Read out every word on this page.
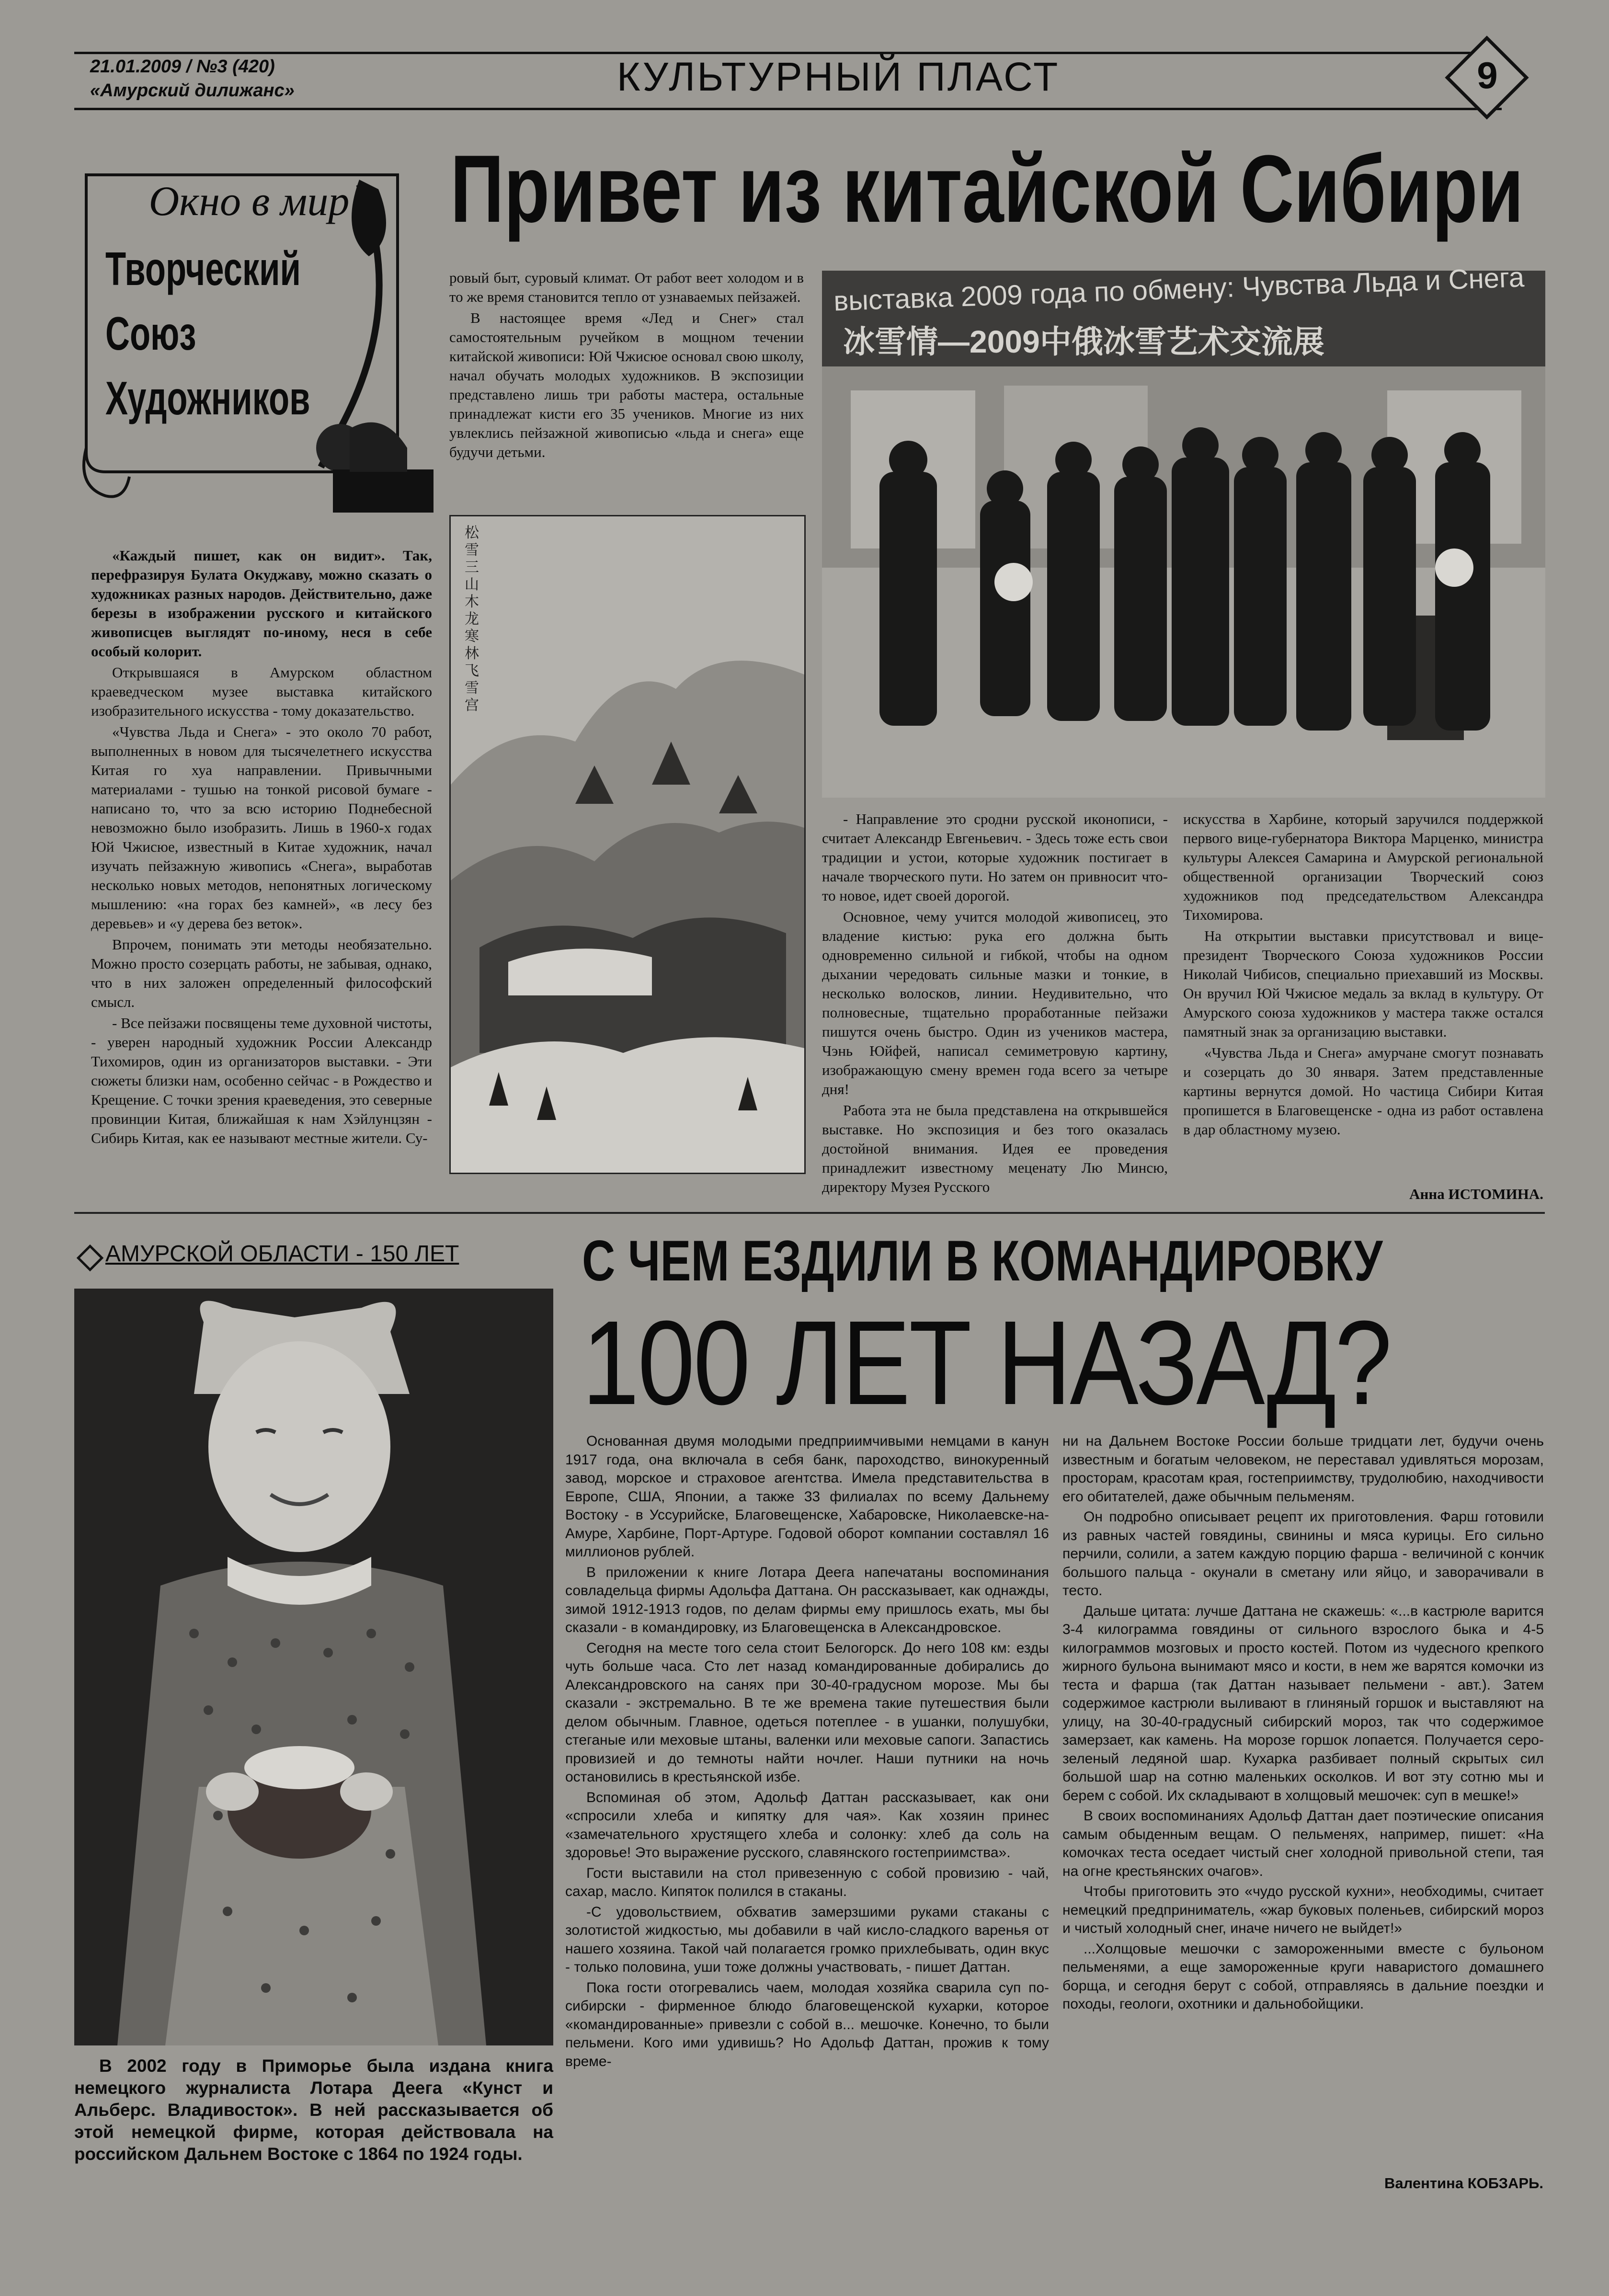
21.01.2009 / №3 (420)
«Амурский дилижанс»	КУЛЬТУРНЫЙ ПЛАСТ	9
Окно в мир
Творческий
Союз
Художников
Привет из китайской Сибири

«Каждый пишет, как он видит». Так, перефразируя Булата Окуджаву, можно сказать о художниках разных народов. Действительно, даже березы в изображении русского и китайского живописцев выглядят по-иному, неся в себе особый колорит.

Открывшаяся в Амурском областном краеведческом музее выставка китайского изобразительного искусства - тому доказательство.

«Чувства Льда и Снега» - это около 70 работ, выполненных в новом для тысячелетнего искусства Китая го хуа направлении. Привычными материалами - тушью на тонкой рисовой бумаге - написано то, что за всю историю Поднебесной невозможно было изобразить. Лишь в 1960-х годах Юй Чжисюе, известный в Китае художник, начал изучать пейзажную живопись «Снега», выработав несколько новых методов, непонятных логическому мышлению: «на горах без камней», «в лесу без деревьев» и «у дерева без веток».

Впрочем, понимать эти методы необязательно. Можно просто созерцать работы, не забывая, однако, что в них заложен определенный философский смысл.

- Все пейзажи посвящены теме духовной чистоты, - уверен народный художник России Александр Тихомиров, один из организаторов выставки. - Эти сюжеты близки нам, особенно сейчас - в Рождество и Крещение. С точки зрения краеведения, это северные провинции Китая, ближайшая к нам Хэйлунцзян - Сибирь Китая, как ее называют местные жители. Су-

ровый быт, суровый климат. От работ веет холодом и в то же время становится тепло от узнаваемых пейзажей.

В настоящее время «Лед и Снег» стал самостоятельным ручейком в мощном течении китайской живописи: Юй Чжисюе основал свою школу, начал обучать молодых художников. В экспозиции представлено лишь три работы мастера, остальные принадлежат кисти его 35 учеников. Многие из них увлеклись пейзажной живописью «льда и снега» еще будучи детьми.

松雪三山木龙 寒林 飞雪 宫
выставка 2009 года по обмену: Чувства Льда и Снега
冰雪情—2009中俄冰雪艺术交流展

- Направление это сродни русской иконописи, - считает Александр Евгеньевич. - Здесь тоже есть свои традиции и устои, которые художник постигает в начале творческого пути. Но затем он привносит что-то новое, идет своей дорогой.

Основное, чему учится молодой живописец, это владение кистью: рука его должна быть одновременно сильной и гибкой, чтобы на одном дыхании чередовать сильные мазки и тонкие, в несколько волосков, линии. Неудивительно, что полновесные, тщательно проработанные пейзажи пишутся очень быстро. Один из учеников мастера, Чэнь Юйфей, написал семиметровую картину, изображающую смену времен года всего за четыре дня!

Работа эта не была представлена на открывшейся выставке. Но экспозиция и без того оказалась достойной внимания. Идея ее проведения принадлежит известному меценату Лю Минсю, директору Музея Русского

искусства в Харбине, который заручился поддержкой первого вице-губернатора Виктора Марценко, министра культуры Алексея Самарина и Амурской региональной общественной организации Творческий союз художников под председательством Александра Тихомирова.

На открытии выставки присутствовал и вице-президент Творческого Союза художников России Николай Чибисов, специально приехавший из Москвы. Он вручил Юй Чжисюе медаль за вклад в культуру. От Амурского союза художников у мастера также остался памятный знак за организацию выставки.

«Чувства Льда и Снега» амурчане смогут познавать и созерцать до 30 января. Затем представленные картины вернутся домой. Но частица Сибири Китая пропишется в Благовещенске - одна из работ оставлена в дар областному музею.

Анна ИСТОМИНА.
АМУРСКОЙ ОБЛАСТИ - 150 ЛЕТ С ЧЕМ ЕЗДИЛИ В КОМАНДИРОВКУ
100 ЛЕТ НАЗАД?
В 2002 году в Приморье была издана книга немецкого журналиста Лотара Деега «Кунст и Альберс. Владивосток». В ней рассказывается об этой немецкой фирме, которая действовала на российском Дальнем Востоке с 1864 по 1924 годы.

Основанная двумя молодыми предприимчивыми немцами в канун 1917 года, она включала в себя банк, пароходство, винокуренный завод, морское и страховое агентства. Имела представительства в Европе, США, Японии, а также 33 филиалах по всему Дальнему Востоку - в Уссурийске, Благовещенске, Хабаровске, Николаевске-на-Амуре, Харбине, Порт-Артуре. Годовой оборот компании составлял 16 миллионов рублей.

В приложении к книге Лотара Деега напечатаны воспоминания совладельца фирмы Адольфа Даттана. Он рассказывает, как однажды, зимой 1912-1913 годов, по делам фирмы ему пришлось ехать, мы бы сказали - в командировку, из Благовещенска в Александровское.

Сегодня на месте того села стоит Белогорск. До него 108 км: езды чуть больше часа. Сто лет назад командированные добирались до Александровского на санях при 30-40-градусном морозе. Мы бы сказали - экстремально. В те же времена такие путешествия были делом обычным. Главное, одеться потеплее - в ушанки, полушубки, стеганые или меховые штаны, валенки или меховые сапоги. Запастись провизией и до темноты найти ночлег. Наши путники на ночь остановились в крестьянской избе.

Вспоминая об этом, Адольф Даттан рассказывает, как они «спросили хлеба и кипятку для чая». Как хозяин принес «замечательного хрустящего хлеба и солонку: хлеб да соль на здоровье! Это выражение русского, славянского гостеприимства».

Гости выставили на стол привезенную с собой провизию - чай, сахар, масло. Кипяток полился в стаканы.

-С удовольствием, обхватив замерзшими руками стаканы с золотистой жидкостью, мы добавили в чай кисло-сладкого варенья от нашего хозяина. Такой чай полагается громко прихлебывать, один вкус - только половина, уши тоже должны участвовать, - пишет Даттан.

Пока гости отогревались чаем, молодая хозяйка сварила суп по-сибирски - фирменное блюдо благовещенской кухарки, которое «командированные» привезли с собой в... мешочке. Конечно, то были пельмени. Кого ими удивишь? Но Адольф Даттан, прожив к тому време-

ни на Дальнем Востоке России больше тридцати лет, будучи очень известным и богатым человеком, не переставал удивляться морозам, просторам, красотам края, гостеприимству, трудолюбию, находчивости его обитателей, даже обычным пельменям.

Он подробно описывает рецепт их приготовления. Фарш готовили из равных частей говядины, свинины и мяса курицы. Его сильно перчили, солили, а затем каждую порцию фарша - величиной с кончик большого пальца - окунали в сметану или яйцо, и заворачивали в тесто.

Дальше цитата: лучше Даттана не скажешь: «...в кастрюле варится 3-4 килограмма говядины от сильного взрослого быка и 4-5 килограммов мозговых и просто костей. Потом из чудесного крепкого жирного бульона вынимают мясо и кости, в нем же варятся комочки из теста и фарша (так Даттан называет пельмени - авт.). Затем содержимое кастрюли выливают в глиняный горшок и выставляют на улицу, на 30-40-градусный сибирский мороз, так что содержимое замерзает, как камень. На морозе горшок лопается. Получается серо-зеленый ледяной шар. Кухарка разбивает полный скрытых сил большой шар на сотню маленьких осколков. И вот эту сотню мы и берем с собой. Их складывают в холщовый мешочек: суп в мешке!»

В своих воспоминаниях Адольф Даттан дает поэтические описания самым обыденным вещам. О пельменях, например, пишет: «На комочках теста оседает чистый снег холодной привольной степи, тая на огне крестьянских очагов».

Чтобы приготовить это «чудо русской кухни», необходимы, считает немецкий предприниматель, «жар буковых поленьев, сибирский мороз и чистый холодный снег, иначе ничего не выйдет!»

...Холщовые мешочки с замороженными вместе с бульоном пельменями, а еще замороженные круги наваристого домашнего борща, и сегодня берут с собой, отправляясь в дальние поездки и походы, геологи, охотники и дальнобойщики.

Валентина КОБЗАРЬ.
